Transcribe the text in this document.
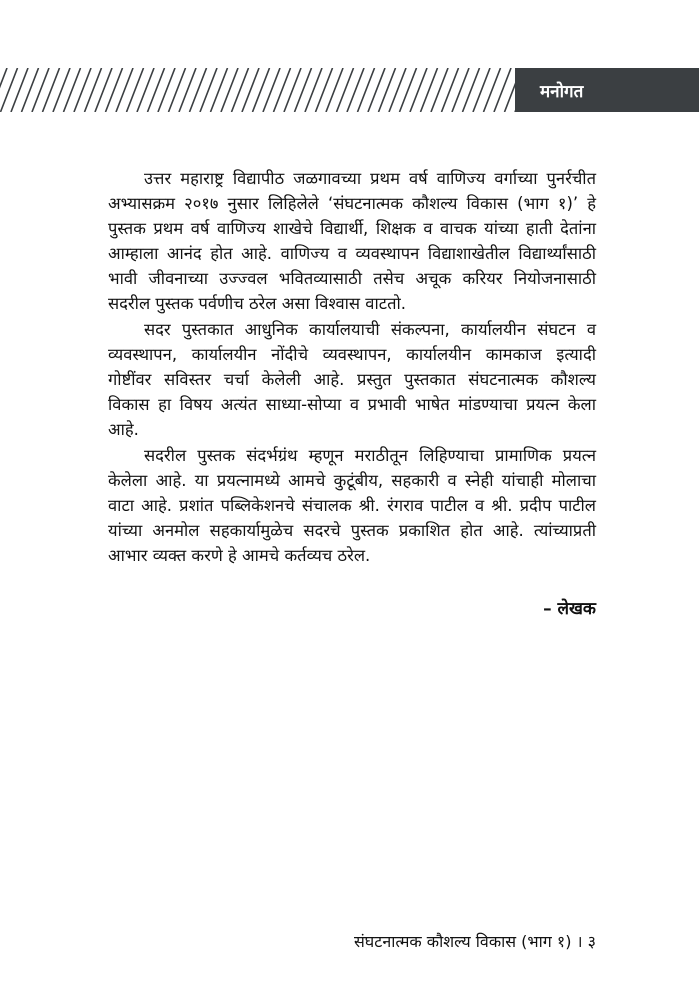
मनोगत
उत्तर महाराष्ट्र विद्यापीठ जळगावच्या प्रथम वर्ष वाणिज्य वर्गाच्या पुनर्रचीत
अभ्यासक्रम २०१७ नुसार लिहिलेले ‘संघटनात्मक कौशल्य विकास (भाग १)’ हे
पुस्तक प्रथम वर्ष वाणिज्य शाखेचे विद्यार्थी, शिक्षक व वाचक यांच्या हाती देतांना
आम्हाला आनंद होत आहे. वाणिज्य व व्यवस्थापन विद्याशाखेतील विद्यार्थ्यांसाठी
भावी जीवनाच्या उज्ज्वल भवितव्यासाठी तसेच अचूक करियर नियोजनासाठी
सदरील पुस्तक पर्वणीच ठरेल असा विश्वास वाटतो.
सदर पुस्तकात आधुनिक कार्यालयाची संकल्पना, कार्यालयीन संघटन व
व्यवस्थापन, कार्यालयीन नोंदीचे व्यवस्थापन, कार्यालयीन कामकाज इत्यादी
गोष्टींवर सविस्तर चर्चा केलेली आहे. प्रस्तुत पुस्तकात संघटनात्मक कौशल्य
विकास हा विषय अत्यंत साध्या-सोप्या व प्रभावी भाषेत मांडण्याचा प्रयत्न केला
आहे.
सदरील पुस्तक संदर्भग्रंथ म्हणून मराठीतून लिहिण्याचा प्रामाणिक प्रयत्न
केलेला आहे. या प्रयत्नामध्ये आमचे कुटूंबीय, सहकारी व स्नेही यांचाही मोलाचा
वाटा आहे. प्रशांत पब्लिकेशनचे संचालक श्री. रंगराव पाटील व श्री. प्रदीप पाटील
यांच्या अनमोल सहकार्यामुळेच सदरचे पुस्तक प्रकाशित होत आहे. त्यांच्याप्रती
आभार व्यक्त करणे हे आमचे कर्तव्यच ठरेल.
– लेखक
संघटनात्मक कौशल्य विकास (भाग १) । ३
